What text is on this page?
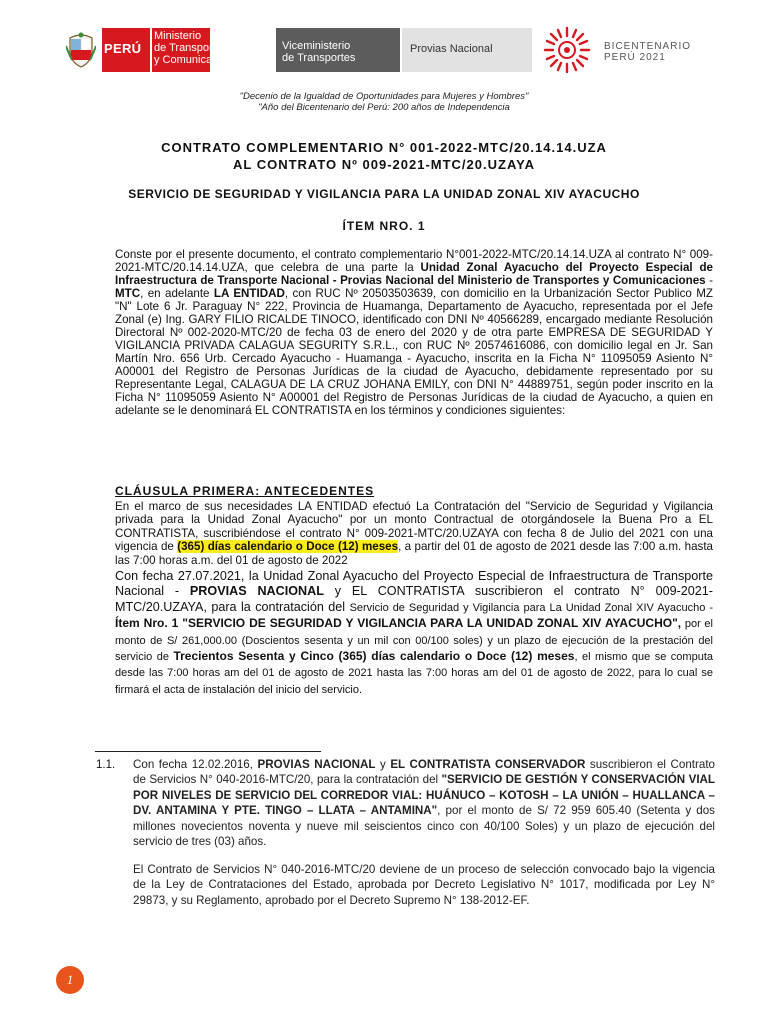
PERÚ
Ministerio
de Transportes
y Comunicaciones
Viceministerio
de Transportes
Provias Nacional	BICENTENARIO
PERÚ 2021
"Decenio de la Igualdad de Oportunidades para Mujeres y Hombres"
"Año del Bicentenario del Perú: 200 años de Independencia
CONTRATO COMPLEMENTARIO N° 001-2022-MTC/20.14.14.UZA
AL CONTRATO Nº 009-2021-MTC/20.UZAYA
SERVICIO DE SEGURIDAD Y VIGILANCIA PARA LA UNIDAD ZONAL XIV AYACUCHO
ÍTEM NRO. 1
Conste por el presente documento, el contrato complementario N°001-2022-MTC/20.14.14.UZA al contrato N° 009-2021-MTC/20.14.14.UZA, que celebra de una parte la Unidad Zonal Ayacucho del Proyecto Especial de Infraestructura de Transporte Nacional - Provias Nacional del Ministerio de Transportes y Comunicaciones - MTC, en adelante LA ENTIDAD, con RUC Nº 20503503639, con domicilio en la Urbanización Sector Publico MZ "N" Lote 6 Jr. Paraguay N° 222, Provincia de Huamanga, Departamento de Ayacucho, representada por el Jefe Zonal (e) Ing. GARY FILIO RICALDE TINOCO, identificado con DNI Nº 40566289, encargado mediante Resolución Directoral Nº 002-2020-MTC/20 de fecha 03 de enero del 2020 y de otra parte EMPRESA DE SEGURIDAD Y VIGILANCIA PRIVADA CALAGUA SEGURITY S.R.L., con RUC Nº 20574616086, con domicilio legal en Jr. San Martín Nro. 656 Urb. Cercado Ayacucho - Huamanga - Ayacucho, inscrita en la Ficha N° 11095059 Asiento N° A00001 del Registro de Personas Jurídicas de la ciudad de Ayacucho, debidamente representado por su Representante Legal, CALAGUA DE LA CRUZ JOHANA EMILY, con DNI N° 44889751, según poder inscrito en la Ficha N° 11095059 Asiento N° A00001 del Registro de Personas Jurídicas de la ciudad de Ayacucho, a quien en adelante se le denominará EL CONTRATISTA en los términos y condiciones siguientes:
CLÁUSULA PRIMERA: ANTECEDENTES
En el marco de sus necesidades LA ENTIDAD efectuó La Contratación del "Servicio de Seguridad y Vigilancia privada para la Unidad Zonal Ayacucho" por un monto Contractual de otorgándosele la Buena Pro a EL CONTRATISTA, suscribiéndose el contrato N° 009-2021-MTC/20.UZAYA con fecha 8 de Julio del 2021 con una vigencia de (365) días calendario o Doce (12) meses, a partir del 01 de agosto de 2021 desde las 7:00 a.m. hasta las 7:00 horas a.m. del 01 de agosto de 2022
Con fecha 27.07.2021, la Unidad Zonal Ayacucho del Proyecto Especial de Infraestructura de Transporte Nacional - PROVIAS NACIONAL y EL CONTRATISTA suscribieron el contrato N° 009-2021-MTC/20.UZAYA, para la contratación del Servicio de Seguridad y Vigilancia para La Unidad Zonal XIV Ayacucho - Ítem Nro. 1 "SERVICIO DE SEGURIDAD Y VIGILANCIA PARA LA UNIDAD ZONAL XIV AYACUCHO", por el monto de S/ 261,000.00 (Doscientos sesenta y un mil con 00/100 soles) y un plazo de ejecución de la prestación del servicio de Trecientos Sesenta y Cinco (365) días calendario o Doce (12) meses, el mismo que se computa desde las 7:00 horas am del 01 de agosto de 2021 hasta las 7:00 horas am del 01 de agosto de 2022, para lo cual se firmará el acta de instalación del inicio del servicio.
1.1. Con fecha 12.02.2016, PROVIAS NACIONAL y EL CONTRATISTA CONSERVADOR suscribieron el Contrato de Servicios N° 040-2016-MTC/20, para la contratación del "SERVICIO DE GESTIÓN Y CONSERVACIÓN VIAL POR NIVELES DE SERVICIO DEL CORREDOR VIAL: HUÁNUCO – KOTOSH – LA UNIÓN – HUALLANCA – DV. ANTAMINA Y PTE. TINGO – LLATA – ANTAMINA", por el monto de S/ 72 959 605.40 (Setenta y dos millones novecientos noventa y nueve mil seiscientos cinco con 40/100 Soles) y un plazo de ejecución del servicio de tres (03) años.
El Contrato de Servicios N° 040-2016-MTC/20 deviene de un proceso de selección convocado bajo la vigencia de la Ley de Contrataciones del Estado, aprobada por Decreto Legislativo N° 1017, modificada por Ley N° 29873, y su Reglamento, aprobado por el Decreto Supremo N° 138-2012-EF.
1
